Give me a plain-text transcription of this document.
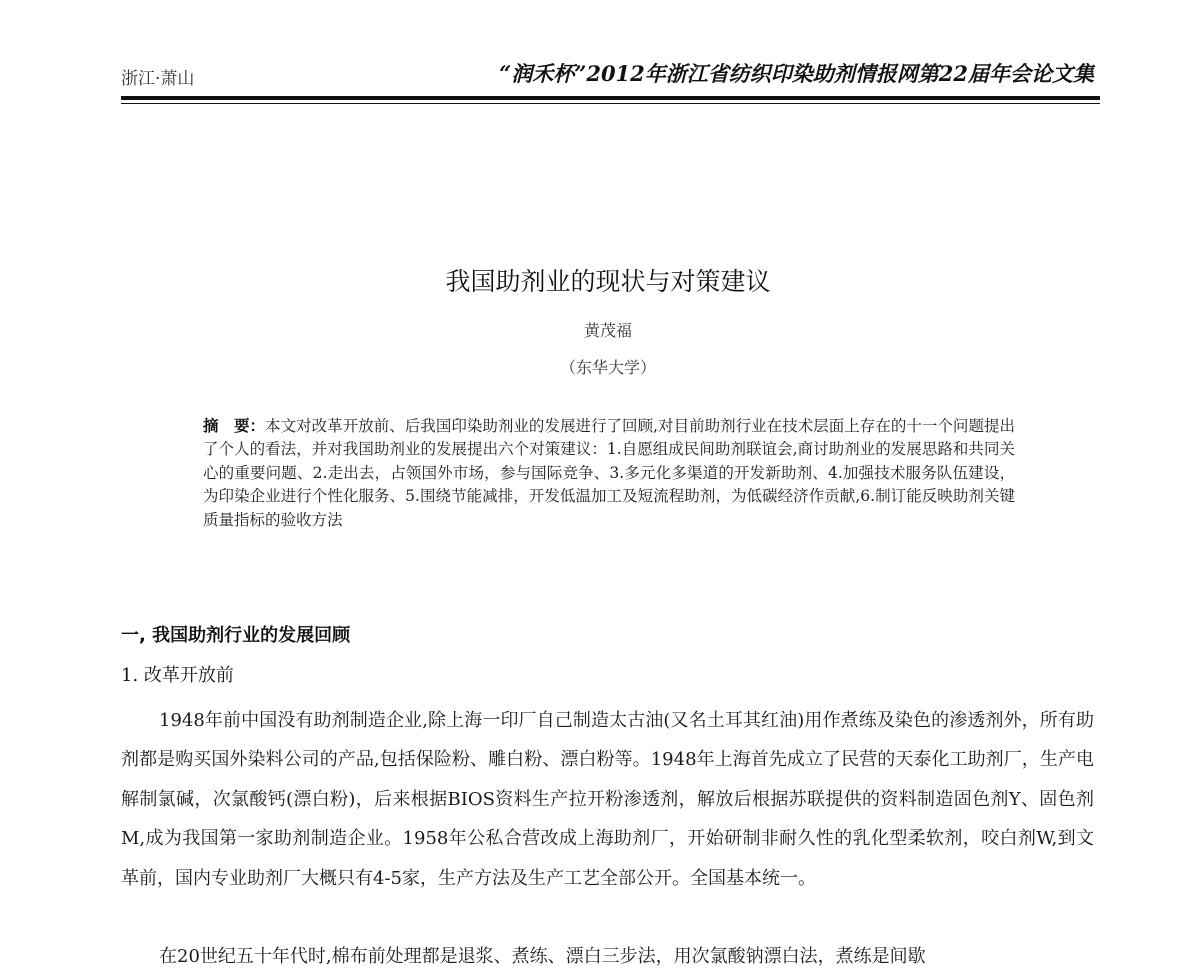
浙江·萧山	“润禾杯”2012年浙江省纺织印染助剂情报网第22届年会论文集
我国助剂业的现状与对策建议
黄茂福
（东华大学）

摘　要：本文对改革开放前、后我国印染助剂业的发展进行了回顾,对目前助剂行业在技术层面上存在的十一个问题提出了个人的看法，并对我国助剂业的发展提出六个对策建议：1.自愿组成民间助剂联谊会,商讨助剂业的发展思路和共同关心的重要问题、2.走出去，占领国外市场，参与国际竞争、3.多元化多渠道的开发新助剂、4.加强技术服务队伍建设，为印染企业进行个性化服务、5.围绕节能减排，开发低温加工及短流程助剂，为低碳经济作贡献,6.制订能反映助剂关键质量指标的验收方法

一, 我国助剂行业的发展回顾
1. 改革开放前

1948年前中国没有助剂制造企业,除上海一印厂自己制造太古油(又名土耳其红油)用作煮练及染色的渗透剂外，所有助剂都是购买国外染料公司的产品,包括保险粉、雕白粉、漂白粉等。1948年上海首先成立了民营的天泰化工助剂厂，生产电解制氯碱，次氯酸钙(漂白粉)，后来根据BIOS资料生产拉开粉渗透剂，解放后根据苏联提供的资料制造固色剂Y、固色剂M,成为我国第一家助剂制造企业。1958年公私合营改成上海助剂厂，开始研制非耐久性的乳化型柔软剂，咬白剂W,到文革前，国内专业助剂厂大概只有4-5家，生产方法及生产工艺全部公开。全国基本统一。

在20世纪五十年代时,棉布前处理都是退浆、煮练、漂白三步法，用次氯酸钠漂白法，煮练是间歇
